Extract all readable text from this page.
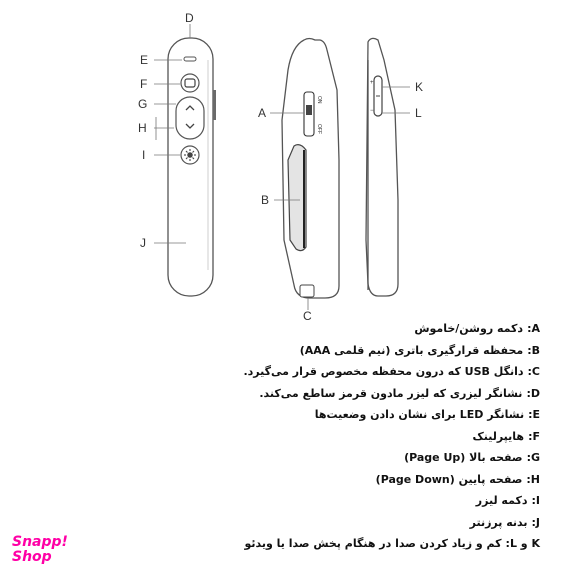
D
E
F
G
H
I
J
ON
OFF
+
−
A
B
C
K
L
A:دکمه روشن/خاموش
B:محفظه قرارگیری باتری (نیم قلمی AAA)
C:دانگل USB که درون محفظه مخصوص قرار می‌گیرد.
D:نشانگر لیزری که لیزر مادون قرمز ساطع می‌کند.
E:نشانگر LED برای نشان دادن وضعیت‌ها
F:هایپرلینک
G:صفحه بالا (Page Up)
H:صفحه پایین (Page Down)
I:دکمه لیزر
J:بدنه پرزنتر
K و L:کم و زیاد کردن صدا در هنگام پخش صدا یا ویدئو
Snapp!
Shop
